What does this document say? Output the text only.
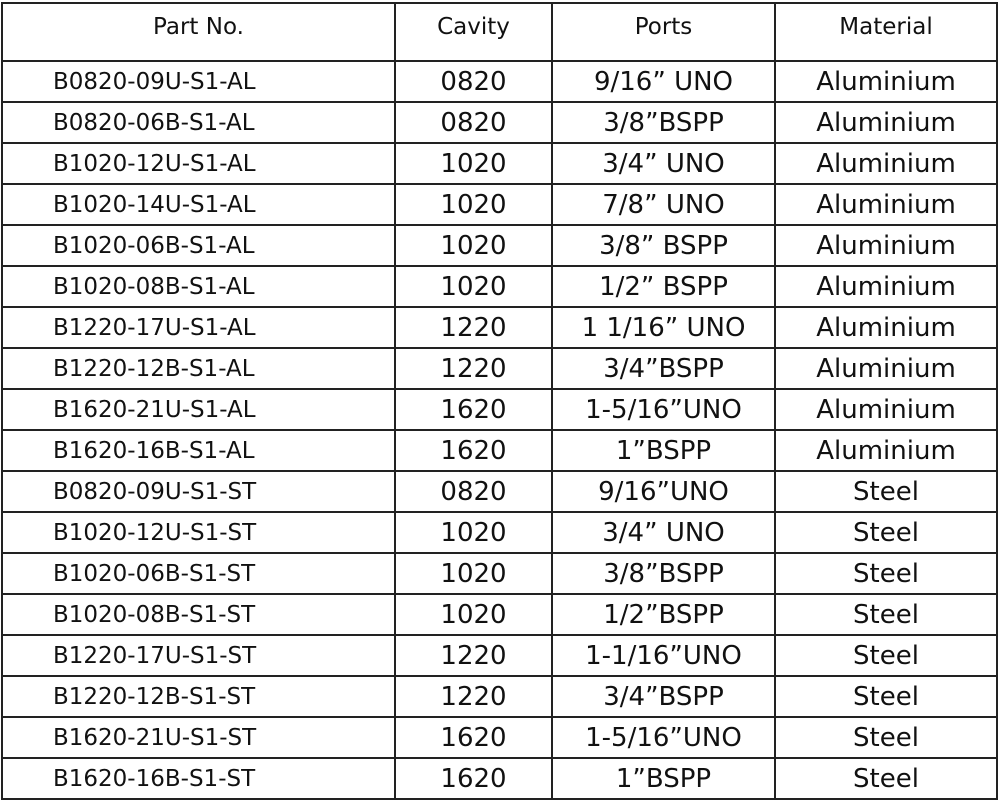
Part No.	Cavity	Ports	Material
B0820-09U-S1-AL	0820	9/16” UNO	Aluminium
B0820-06B-S1-AL	0820	3/8”BSPP	Aluminium
B1020-12U-S1-AL	1020	3/4” UNO	Aluminium
B1020-14U-S1-AL	1020	7/8” UNO	Aluminium
B1020-06B-S1-AL	1020	3/8” BSPP	Aluminium
B1020-08B-S1-AL	1020	1/2” BSPP	Aluminium
B1220-17U-S1-AL	1220	1 1/16” UNO	Aluminium
B1220-12B-S1-AL	1220	3/4”BSPP	Aluminium
B1620-21U-S1-AL	1620	1-5/16”UNO	Aluminium
B1620-16B-S1-AL	1620	1”BSPP	Aluminium
B0820-09U-S1-ST	0820	9/16”UNO	Steel
B1020-12U-S1-ST	1020	3/4” UNO	Steel
B1020-06B-S1-ST	1020	3/8”BSPP	Steel
B1020-08B-S1-ST	1020	1/2”BSPP	Steel
B1220-17U-S1-ST	1220	1-1/16”UNO	Steel
B1220-12B-S1-ST	1220	3/4”BSPP	Steel
B1620-21U-S1-ST	1620	1-5/16”UNO	Steel
B1620-16B-S1-ST	1620	1”BSPP	Steel
